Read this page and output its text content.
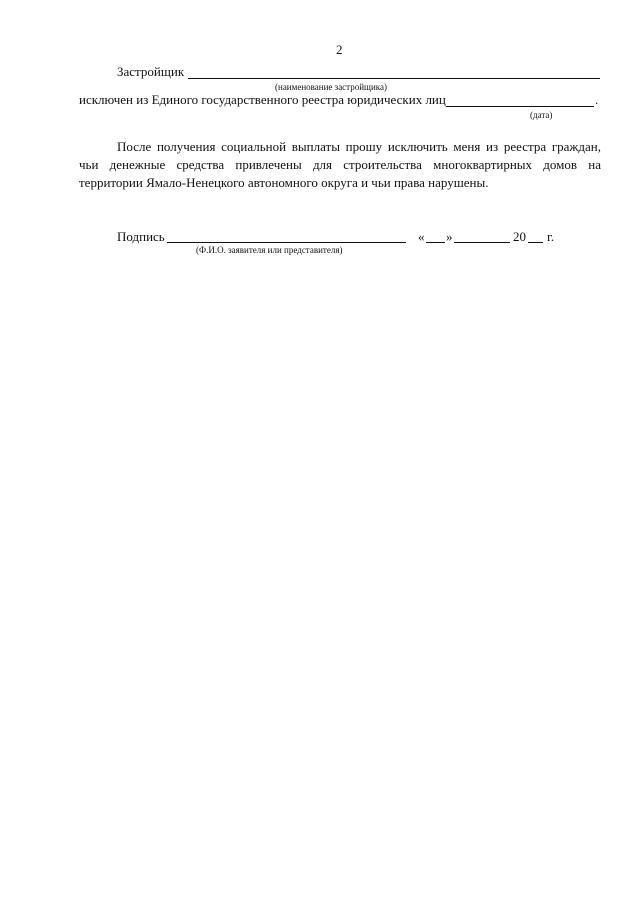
2
Застройщик
(наименование застройщика)
исключен из Единого государственного реестра юридических лиц	.
(дата)
После получения социальной выплаты прошу исключить меня из реестра граждан,
чьи денежные средства привлечены для строительства многоквартирных домов на
территории Ямало-Ненецкого автономного округа и чьи права нарушены.
Подпись
(Ф.И.О. заявителя или представителя)
« »	20 г.
